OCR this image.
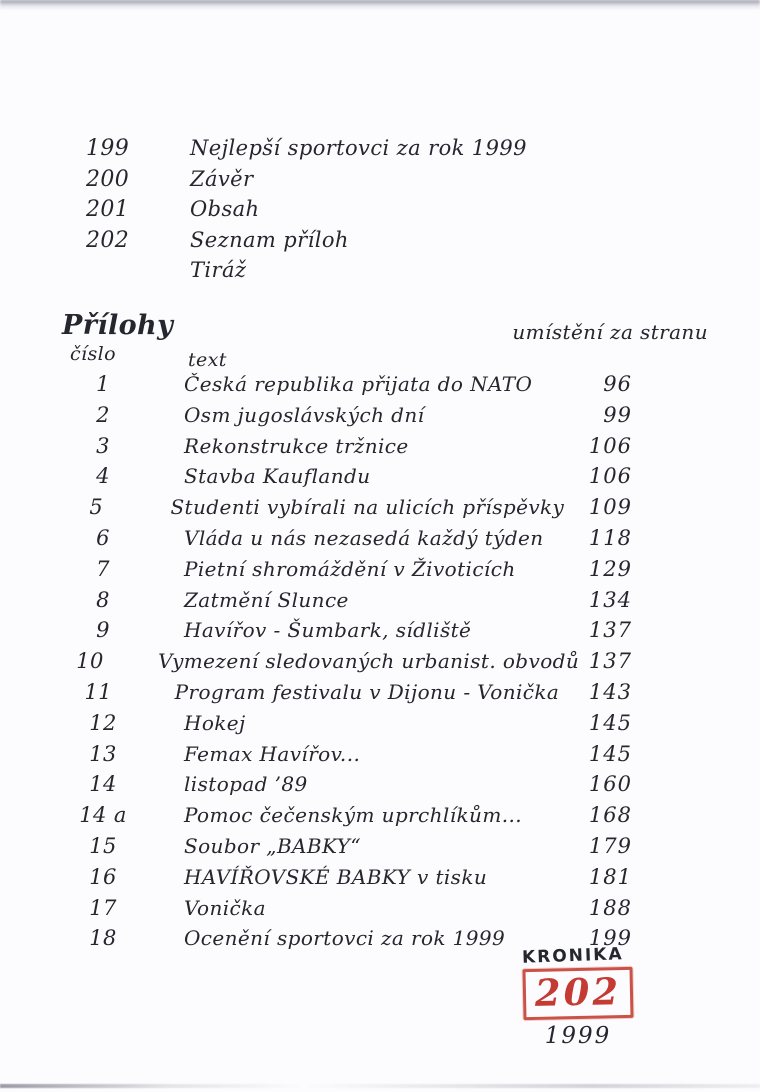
199	Nejlepší sportovci za rok 1999
200	Závěr
201	Obsah
202	Seznam příloh
Tiráž
Přílohy	umístění za stranu
číslo	text
1	Česká republika přijata do NATO	96
2	Osm jugoslávských dní	99
3	Rekonstrukce tržnice	106
4	Stavba Kauflandu	106
5	Studenti vybírali na ulicích příspěvky	109
6	Vláda u nás nezasedá každý týden	118
7	Pietní shromáždění v Životicích	129
8	Zatmění Slunce	134
9	Havířov - Šumbark, sídliště	137
10	Vymezení sledovaných urbanist. obvodů 137
11	Program festivalu v Dijonu - Vonička	143
12	Hokej	145
13	Femax Havířov...	145
14	listopad ’89	160
14 a	Pomoc čečenským uprchlíkům...	168
15	Soubor „BABKY“	179
16	HAVÍŘOVSKÉ BABKY v tisku	181
17	Vonička	188
18	Ocenění sportovci za rok 1999	199
KRONIKA
202
1999
